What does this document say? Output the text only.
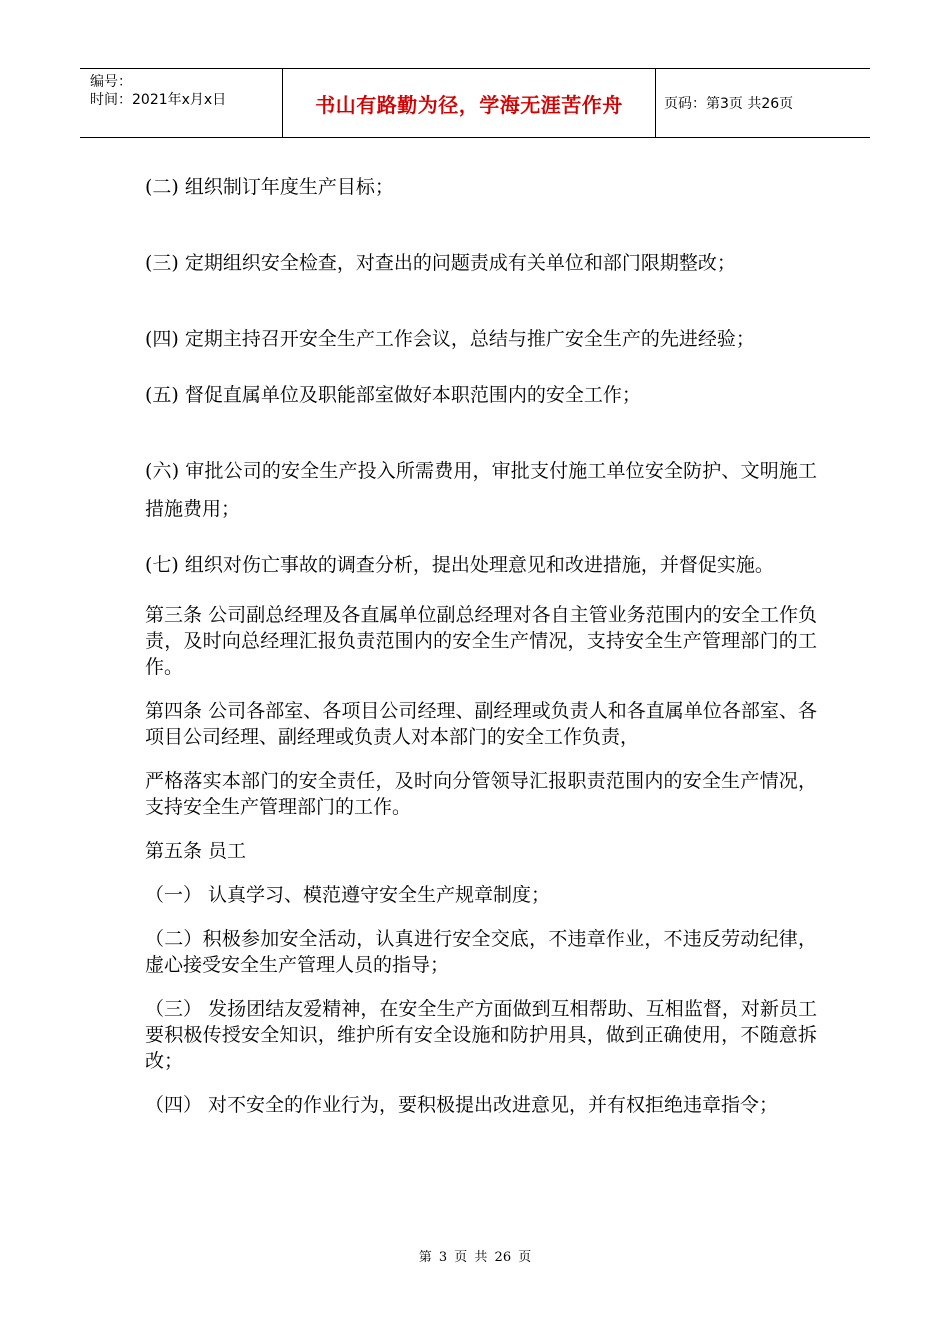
编号：
时间：2021年x月x日	书山有路勤为径，学海无涯苦作舟	页码：第3页 共26页

(二) 组织制订年度生产目标；

(三) 定期组织安全检查，对查出的问题责成有关单位和部门限期整改；

(四) 定期主持召开安全生产工作会议，总结与推广安全生产的先进经验；

(五) 督促直属单位及职能部室做好本职范围内的安全工作；

(六) 审批公司的安全生产投入所需费用，审批支付施工单位安全防护、文明施工措施费用；

(七) 组织对伤亡事故的调查分析，提出处理意见和改进措施，并督促实施。

第三条 公司副总经理及各直属单位副总经理对各自主管业务范围内的安全工作负责，及时向总经理汇报负责范围内的安全生产情况，支持安全生产管理部门的工作。

第四条 公司各部室、各项目公司经理、副经理或负责人和各直属单位各部室、各项目公司经理、副经理或负责人对本部门的安全工作负责，

严格落实本部门的安全责任，及时向分管领导汇报职责范围内的安全生产情况，支持安全生产管理部门的工作。

第五条 员工

（一） 认真学习、模范遵守安全生产规章制度；

（二）积极参加安全活动，认真进行安全交底，不违章作业，不违反劳动纪律，虚心接受安全生产管理人员的指导；

（三） 发扬团结友爱精神，在安全生产方面做到互相帮助、互相监督，对新员工要积极传授安全知识，维护所有安全设施和防护用具，做到正确使用，不随意拆改；

（四） 对不安全的作业行为，要积极提出改进意见，并有权拒绝违章指令；

第 3 页 共 26 页
